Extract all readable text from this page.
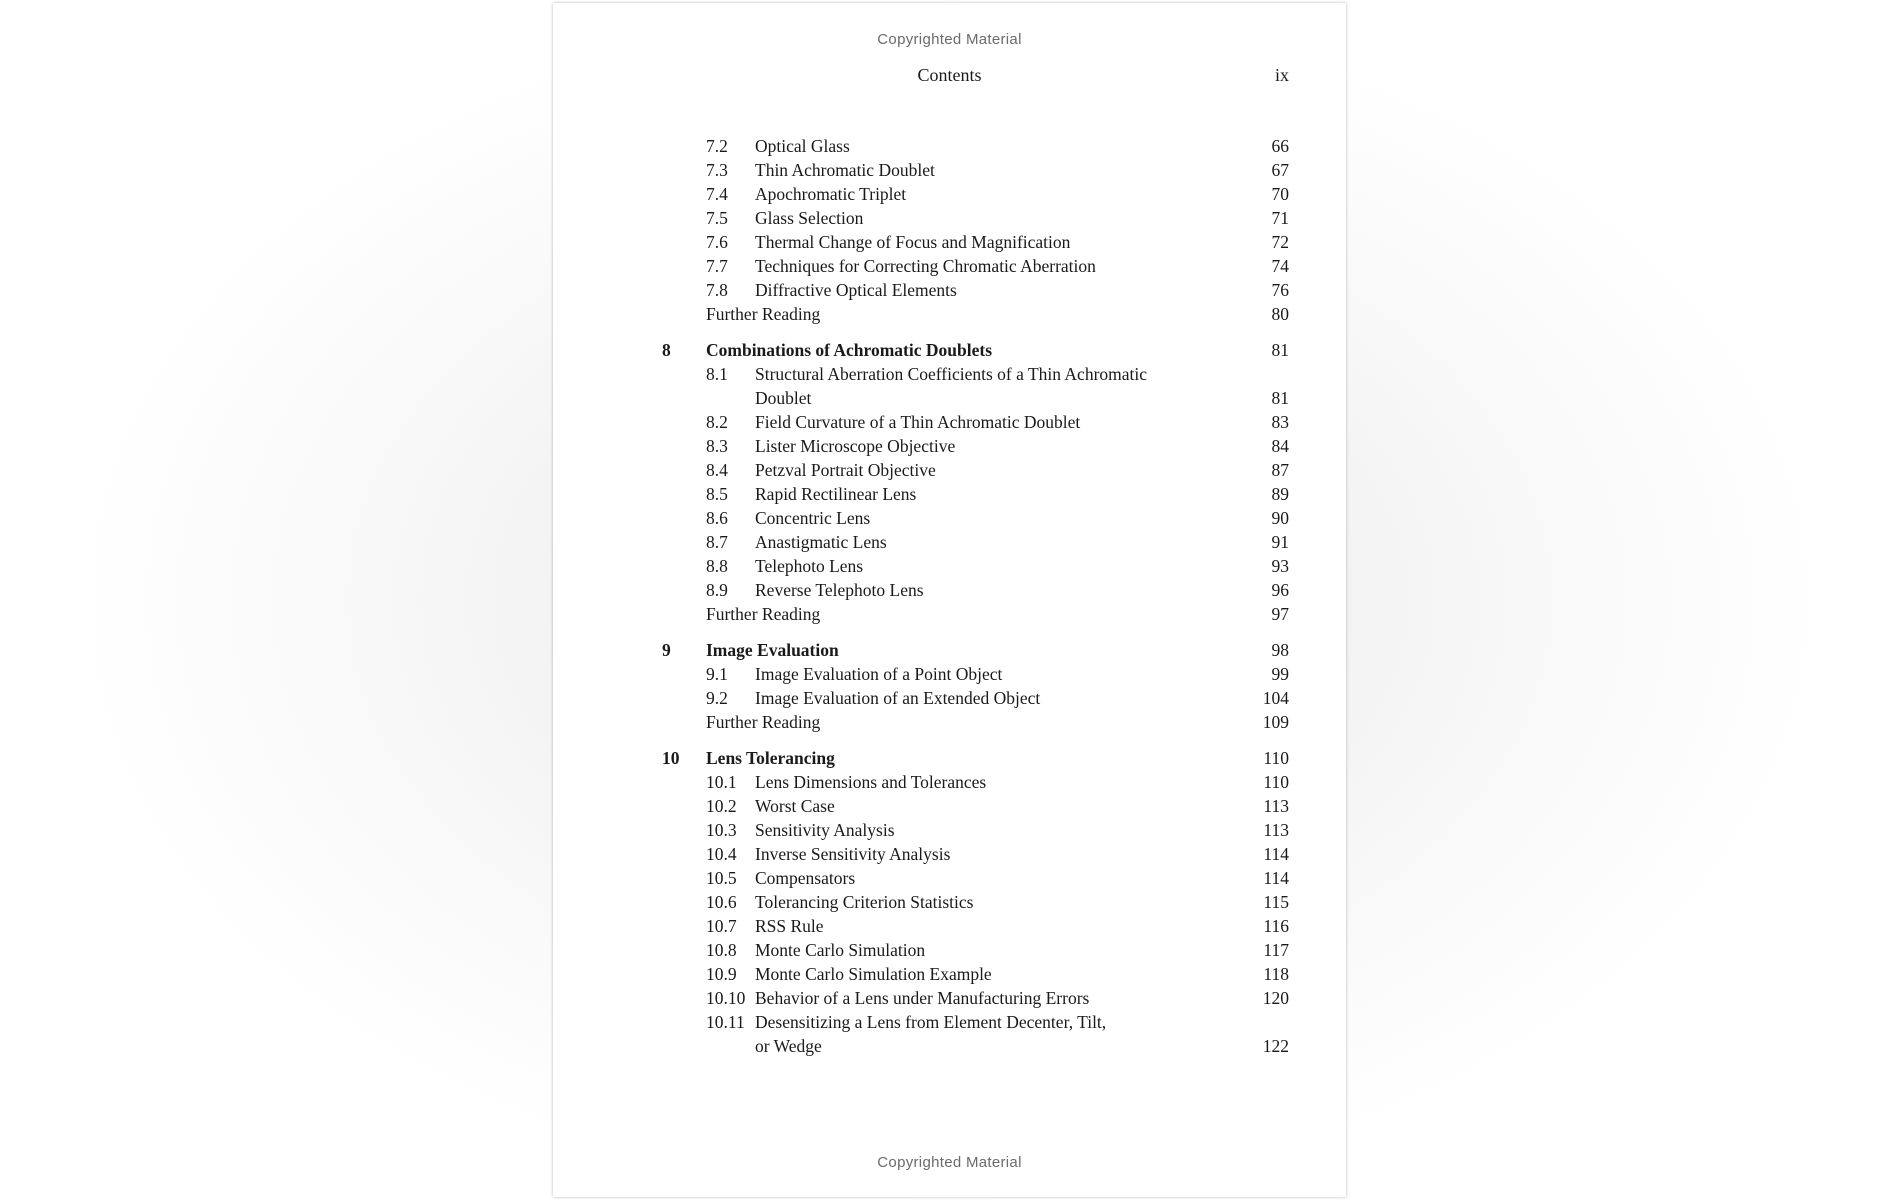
Copyrighted Material
Contents	ix
7.2 Optical Glass	66
7.3 Thin Achromatic Doublet	67
7.4 Apochromatic Triplet	70
7.5 Glass Selection	71
7.6 Thermal Change of Focus and Magnification	72
7.7 Techniques for Correcting Chromatic Aberration	74
7.8 Diffractive Optical Elements	76
Further Reading	80
8 Combinations of Achromatic Doublets	81
8.1 Structural Aberration Coefficients of a Thin Achromatic
Doublet	81
8.2 Field Curvature of a Thin Achromatic Doublet	83
8.3 Lister Microscope Objective	84
8.4 Petzval Portrait Objective	87
8.5 Rapid Rectilinear Lens	89
8.6 Concentric Lens	90
8.7 Anastigmatic Lens	91
8.8 Telephoto Lens	93
8.9 Reverse Telephoto Lens	96
Further Reading	97
9 Image Evaluation	98
9.1 Image Evaluation of a Point Object	99
9.2 Image Evaluation of an Extended Object	104
Further Reading	109
10 Lens Tolerancing	110
10.1 Lens Dimensions and Tolerances	110
10.2 Worst Case	113
10.3 Sensitivity Analysis	113
10.4 Inverse Sensitivity Analysis	114
10.5 Compensators	114
10.6 Tolerancing Criterion Statistics	115
10.7 RSS Rule	116
10.8 Monte Carlo Simulation	117
10.9 Monte Carlo Simulation Example	118
10.10 Behavior of a Lens under Manufacturing Errors	120
10.11 Desensitizing a Lens from Element Decenter, Tilt,
or Wedge	122
Copyrighted Material
